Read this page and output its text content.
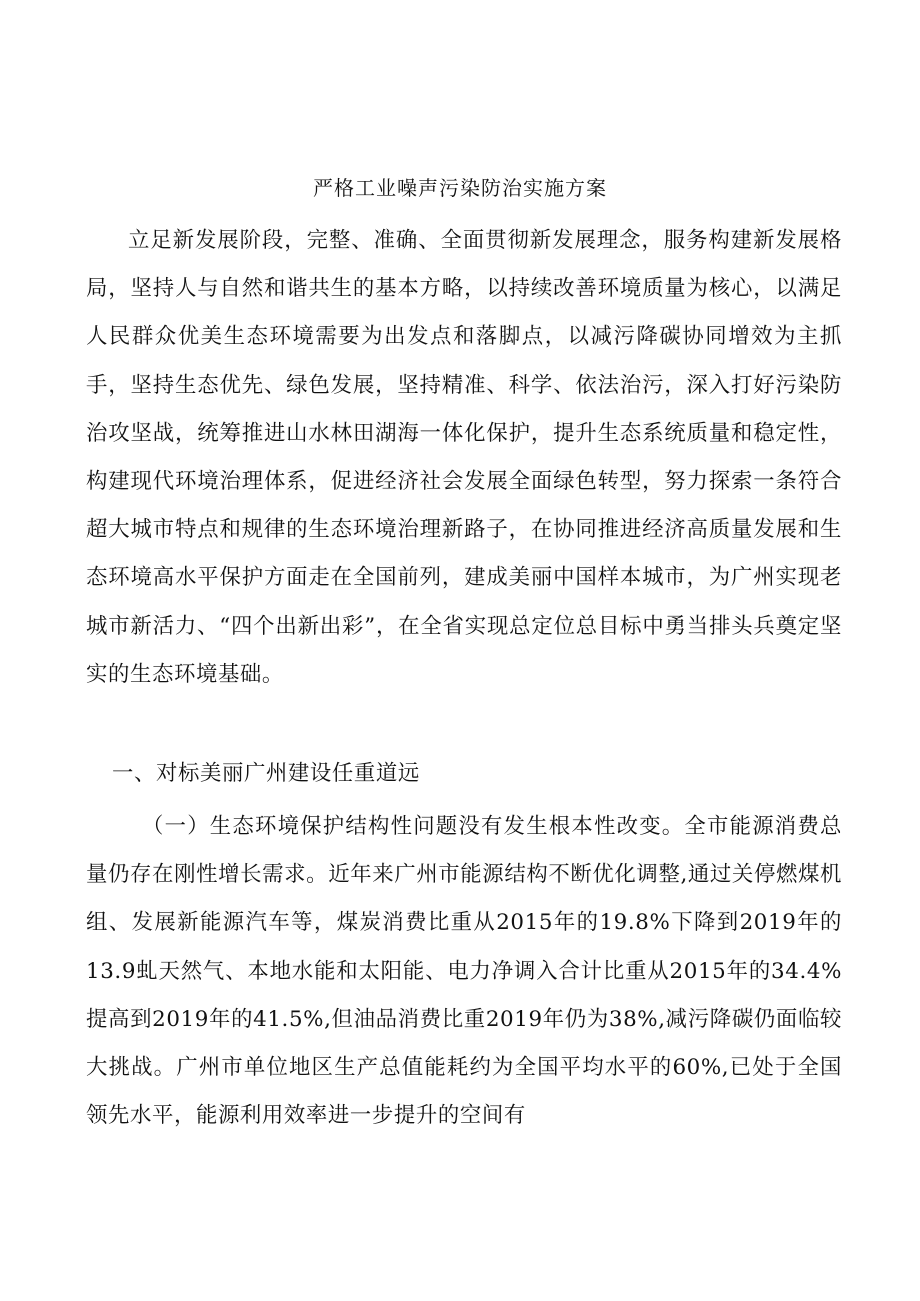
严格工业噪声污染防治实施方案

立足新发展阶段，完整、准确、全面贯彻新发展理念，服务构建新发展格局，坚持人与自然和谐共生的基本方略，以持续改善环境质量为核心，以满足人民群众优美生态环境需要为出发点和落脚点，以减污降碳协同增效为主抓手，坚持生态优先、绿色发展，坚持精准、科学、依法治污，深入打好污染防治攻坚战，统筹推进山水林田湖海一体化保护，提升生态系统质量和稳定性，构建现代环境治理体系，促进经济社会发展全面绿色转型，努力探索一条符合超大城市特点和规律的生态环境治理新路子，在协同推进经济高质量发展和生态环境高水平保护方面走在全国前列，建成美丽中国样本城市，为广州实现老城市新活力、“四个出新出彩”，在全省实现总定位总目标中勇当排头兵奠定坚实的生态环境基础。

一、对标美丽广州建设任重道远

（一）生态环境保护结构性问题没有发生根本性改变。全市能源消费总量仍存在刚性增长需求。近年来广州市能源结构不断优化调整,通过关停燃煤机组、发展新能源汽车等，煤炭消费比重从2015年的19.8%下降到2019年的13.9虬天然气、本地水能和太阳能、电力净调入合计比重从2015年的34.4%提高到2019年的41.5%,但油品消费比重2019年仍为38%,减污降碳仍面临较大挑战。广州市单位地区生产总值能耗约为全国平均水平的60%,已处于全国领先水平，能源利用效率进一步提升的空间有
